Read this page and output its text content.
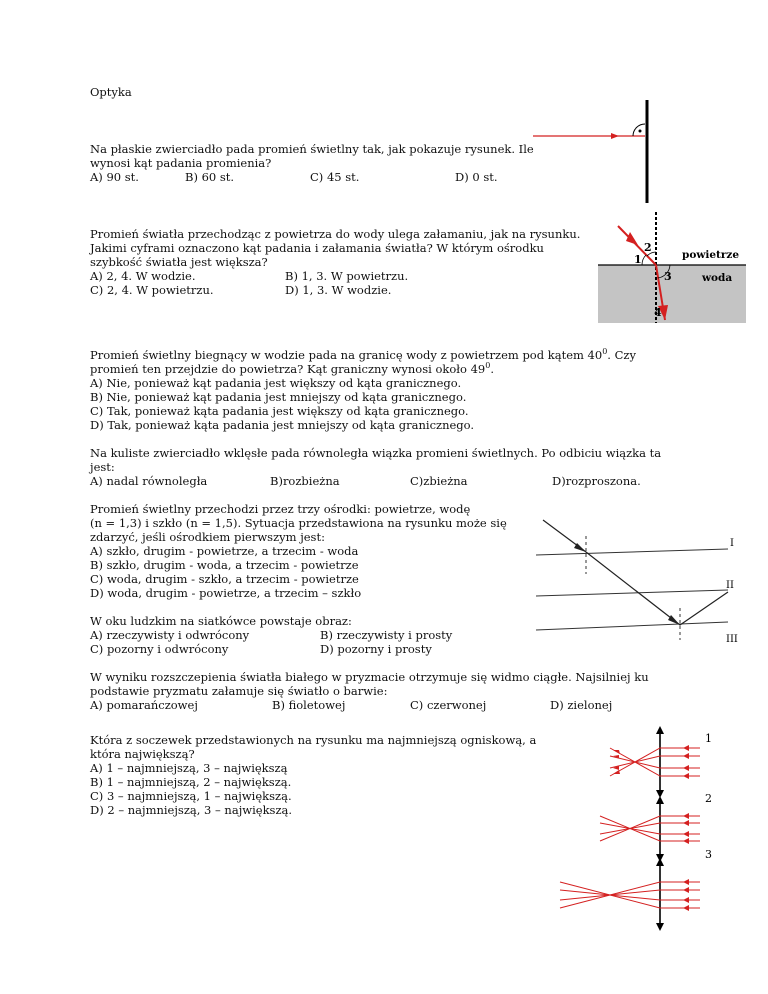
Optyka
Na płaskie zwierciadło pada promień świetlny tak, jak pokazuje rysunek. Ile
wynosi kąt padania promienia?
A) 90 st.	B) 60 st.	C) 45 st.	D) 0 st.
Promień światła przechodząc z powietrza do wody ulega załamaniu, jak na rysunku.
Jakimi cyframi oznaczono kąt padania i załamania światła? W którym ośrodku
szybkość światła jest większa?
A) 2, 4. W wodzie.	B) 1, 3. W powietrzu.
C) 2, 4. W powietrzu.	D) 1, 3. W wodzie.
1
2
3
4
powietrze
woda
Promień świetlny biegnący w wodzie pada na granicę wody z powietrzem pod kątem $40^0$. Czy
promień ten przejdzie do powietrza? Kąt graniczny wynosi około $49^0$.
A) Nie, ponieważ kąt padania jest większy od kąta granicznego.
B) Nie, ponieważ kąt padania jest mniejszy od kąta granicznego.
C) Tak, ponieważ kąta padania jest większy od kąta granicznego.
D) Tak, ponieważ kąta padania jest mniejszy od kąta granicznego.
Na kuliste zwierciadło wklęsłe pada równoległa wiązka promieni świetlnych. Po odbiciu wiązka ta
jest:
A) nadal równoległa	B)rozbieżna	C)zbieżna	D)rozproszona.
Promień świetlny przechodzi przez trzy ośrodki: powietrze, wodę
(n = 1,3) i szkło (n = 1,5). Sytuacja przedstawiona na rysunku może się
zdarzyć, jeśli ośrodkiem pierwszym jest:
A) szkło, drugim - powietrze, a trzecim - woda
B) szkło, drugim - woda, a trzecim - powietrze
C) woda, drugim - szkło, a trzecim - powietrze
D) woda, drugim - powietrze, a trzecim – szkło
I
II
III
W oku ludzkim na siatkówce powstaje obraz:
A) rzeczywisty i odwrócony	B) rzeczywisty i prosty
C) pozorny i odwrócony	D) pozorny i prosty
W wyniku rozszczepienia światła białego w pryzmacie otrzymuje się widmo ciągłe. Najsilniej ku
podstawie pryzmatu załamuje się światło o barwie:
A) pomarańczowej	B) fioletowej	C) czerwonej	D) zielonej
Która z soczewek przedstawionych na rysunku ma najmniejszą ogniskową, a
która największą?
A) 1 – najmniejszą, 3 – największą
B) 1 – najmniejszą, 2 – największą.
C) 3 – najmniejszą, 1 – największą.
D) 2 – najmniejszą, 3 – największą.
1
2
3
